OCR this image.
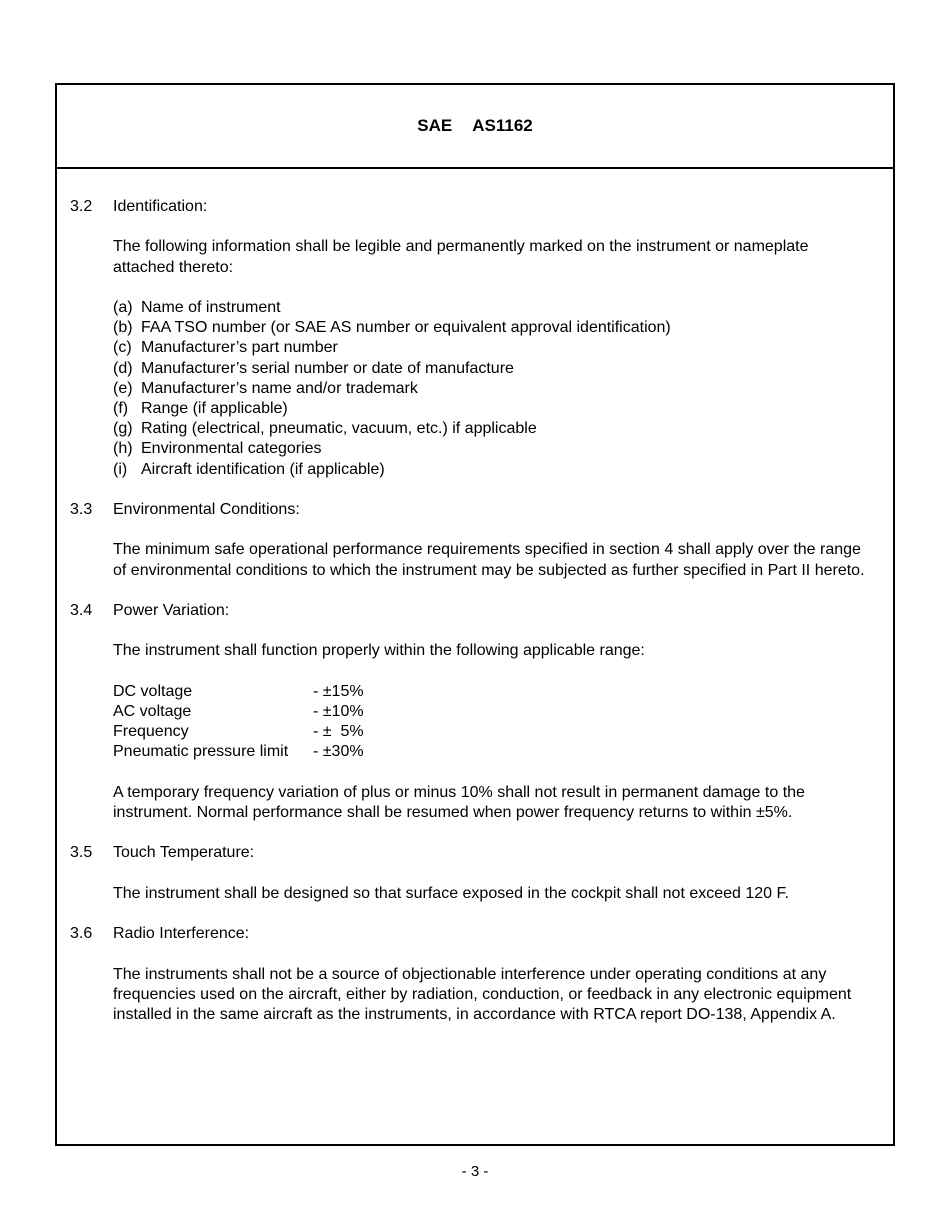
SAE AS1162
3.2	Identification:
The following information shall be legible and permanently marked on the instrument or nameplate attached thereto:
(a) Name of instrument
(b) FAA TSO number (or SAE AS number or equivalent approval identification)
(c) Manufacturer’s part number
(d) Manufacturer’s serial number or date of manufacture
(e) Manufacturer’s name and/or trademark
(f) Range (if applicable)
(g) Rating (electrical, pneumatic, vacuum, etc.) if applicable
(h) Environmental categories
(i) Aircraft identification (if applicable)
3.3	Environmental Conditions:
The minimum safe operational performance requirements specified in section 4 shall apply over the range of environmental conditions to which the instrument may be subjected as further specified in Part II hereto.
3.4	Power Variation:
The instrument shall function properly within the following applicable range:
DC voltage	- ±15%
AC voltage	- ±10%
Frequency	- ±  5%
Pneumatic pressure limit	- ±30%
A temporary frequency variation of plus or minus 10% shall not result in permanent damage to the instrument. Normal performance shall be resumed when power frequency returns to within ±5%.
3.5	Touch Temperature:
The instrument shall be designed so that surface exposed in the cockpit shall not exceed 120 F.
3.6	Radio Interference:
The instruments shall not be a source of objectionable interference under operating conditions at any frequencies used on the aircraft, either by radiation, conduction, or feedback in any electronic equipment installed in the same aircraft as the instruments, in accordance with RTCA report DO-138, Appendix A.
- 3 -
